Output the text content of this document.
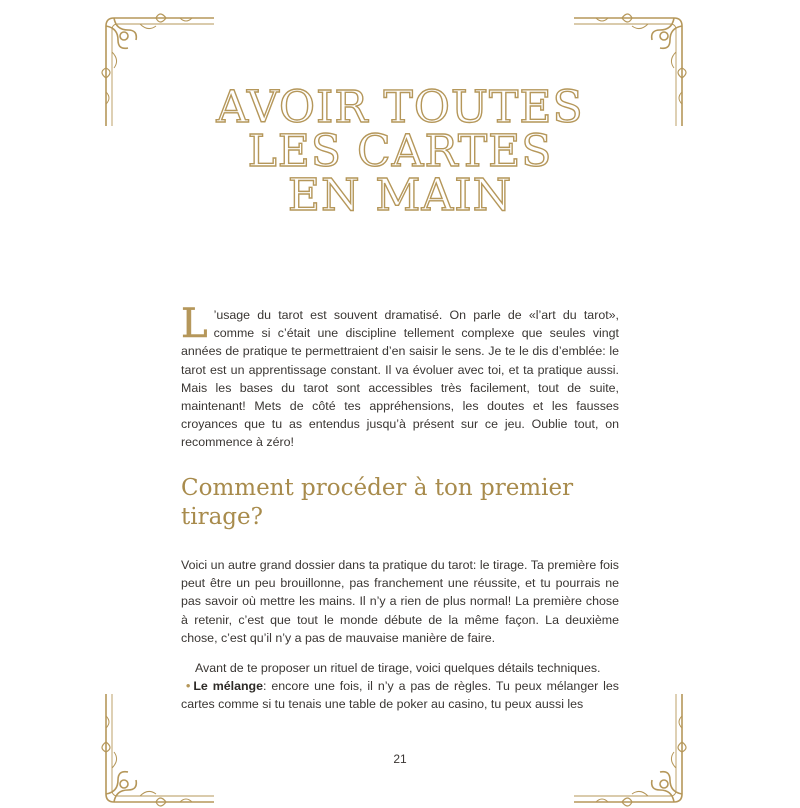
AVOIR TOUTES
LES CARTES
EN MAIN

L ’usage du tarot est souvent dramatisé. On parle de «l’art du tarot», comme si c’était une discipline tellement complexe que seules vingt années de pratique te permettraient d’en saisir le sens. Je te le dis d’emblée: le tarot est un apprentissage constant. Il va évoluer avec toi, et ta pratique aussi. Mais les bases du tarot sont accessibles très facilement, tout de suite, maintenant! Mets de côté tes appréhensions, les doutes et les fausses croyances que tu as entendus jusqu’à présent sur ce jeu. Oublie tout, on recommence à zéro!

Comment procéder à ton premier tirage?

Voici un autre grand dossier dans ta pratique du tarot: le tirage. Ta première fois peut être un peu brouillonne, pas franchement une réussite, et tu pourrais ne pas savoir où mettre les mains. Il n’y a rien de plus normal! La première chose à retenir, c’est que tout le monde débute de la même façon. La deuxième chose, c’est qu’il n’y a pas de mauvaise manière de faire.

Avant de te proposer un rituel de tirage, voici quelques détails techniques.

• Le mélange: encore une fois, il n’y a pas de règles. Tu peux mélanger les cartes comme si tu tenais une table de poker au casino, tu peux aussi les
21
